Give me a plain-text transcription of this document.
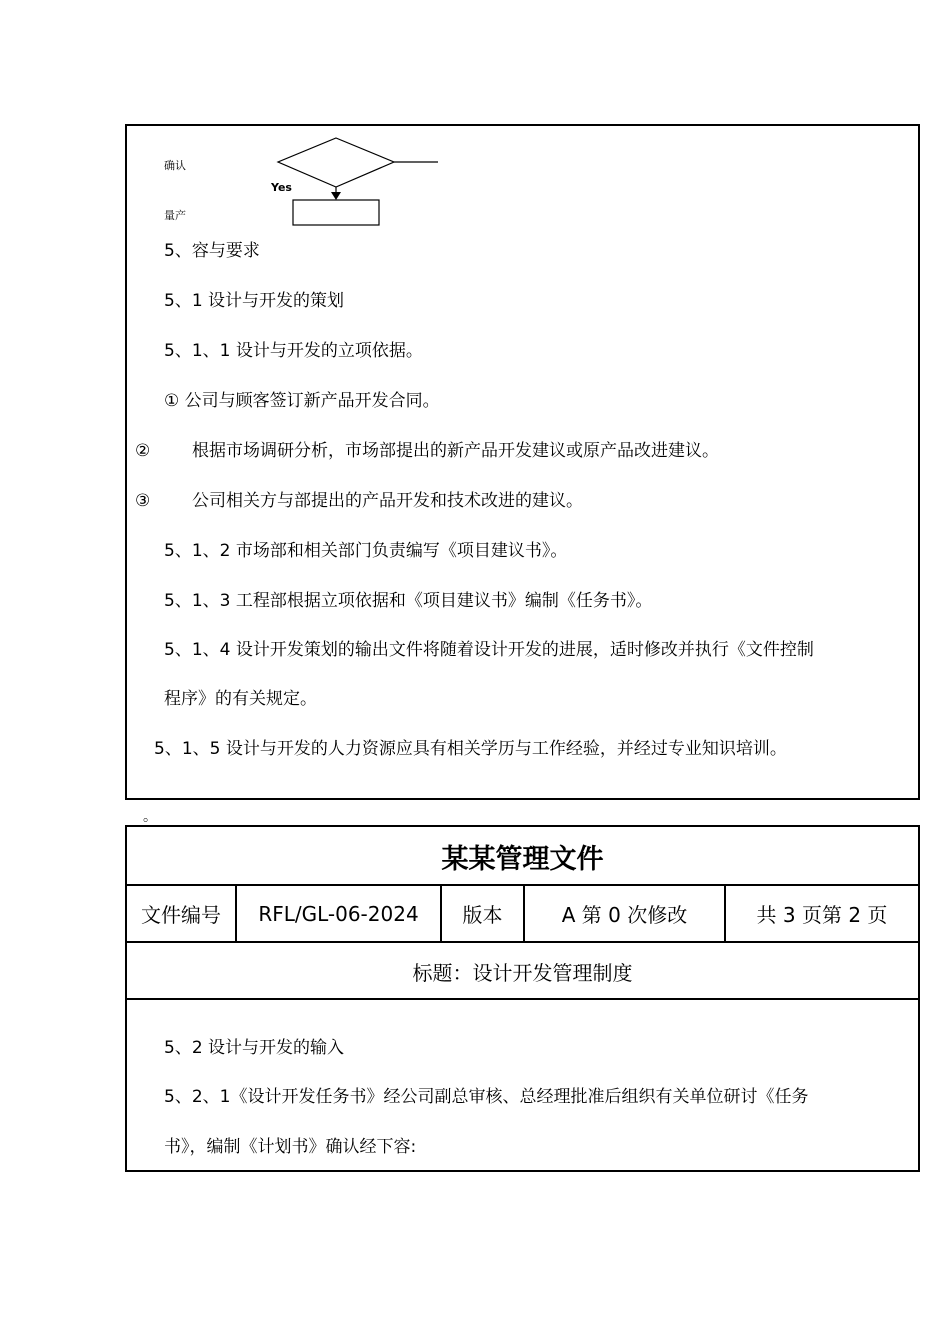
确认
Yes
量产
5、容与要求
5、1 设计与开发的策划
5、1、1 设计与开发的立项依据。
① 公司与顾客签订新产品开发合同。
② 根据市场调研分析，市场部提出的新产品开发建议或原产品改进建议。
③ 公司相关方与部提出的产品开发和技术改进的建议。
5、1、2 市场部和相关部门负责编写《项目建议书》。
5、1、3 工程部根据立项依据和《项目建议书》编制《任务书》。
5、1、4 设计开发策划的输出文件将随着设计开发的进展，适时修改并执行《文件控制
程序》的有关规定。
5、1、5 设计与开发的人力资源应具有相关学历与工作经验，并经过专业知识培训。
。
某某管理文件
文件编号	RFL/GL-06-2024	版本	A 第 0 次修改	共 3 页第 2 页
标题：设计开发管理制度
5、2 设计与开发的输入
5、2、1《设计开发任务书》经公司副总审核、总经理批准后组织有关单位研讨《任务
书》，编制《计划书》确认经下容:
